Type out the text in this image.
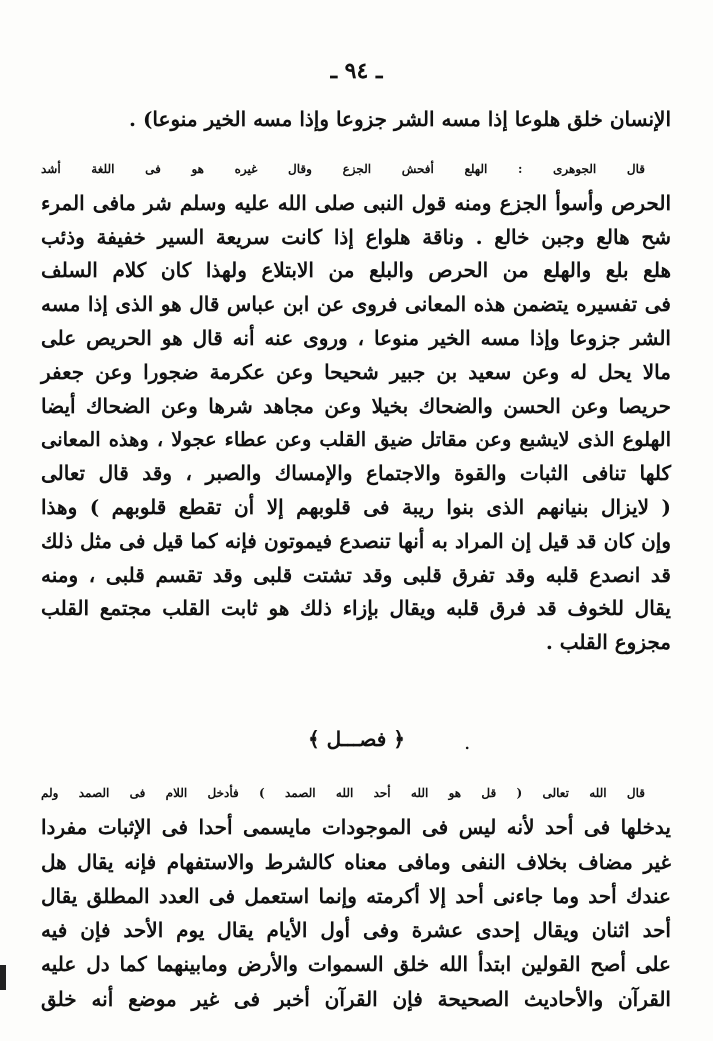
ـ ٩٤ ـ
الإنسان خلق هلوعا إذا مسه الشر جزوعا وإذا مسه الخير منوعا) .

قال الجوهرى : الهلع أفحش الجزع وقال غيره هو فى اللغة أشد

الحرص وأسوأ الجزع ومنه قول النبى صلى الله عليه وسلم شر مافى المرء
شح هالع وجبن خالع . وناقة هلواع إذا كانت سريعة السير خفيفة وذئب
هلع بلع والهلع من الحرص والبلع من الابتلاع ولهذا كان كلام السلف
فى تفسيره يتضمن هذه المعانى فروى عن ابن عباس قال هو الذى إذا مسه
الشر جزوعا وإذا مسه الخير منوعا ، وروى عنه أنه قال هو الحريص على
مالا يحل له وعن سعيد بن جبير شحيحا وعن عكرمة ضجورا وعن جعفر
حريصا وعن الحسن والضحاك بخيلا وعن مجاهد شرها وعن الضحاك أيضا
الهلوع الذى لايشبع وعن مقاتل ضيق القلب وعن عطاء عجولا ، وهذه المعانى
كلها تنافى الثبات والقوة والاجتماع والإمساك والصبر ، وقد قال تعالى
( لايزال بنيانهم الذى بنوا ريبة فى قلوبهم إلا أن تقطع قلوبهم ) وهذا
وإن كان قد قيل إن المراد به أنها تنصدع فيموتون فإنه كما قيل فى مثل ذلك
قد انصدع قلبه وقد تفرق قلبى وقد تشتت قلبى وقد تقسم قلبى ، ومنه
يقال للخوف قد فرق قلبه ويقال بإزاء ذلك هو ثابت القلب مجتمع القلب
مجزوع القلب .
﴿ فصـــل ﴾	.

قال الله تعالى ( قل هو الله أحد الله الصمد ) فأدخل اللام فى الصمد ولم

يدخلها فى أحد لأنه ليس فى الموجودات مايسمى أحدا فى الإثبات مفردا
غير مضاف بخلاف النفى ومافى معناه كالشرط والاستفهام فإنه يقال هل
عندك أحد وما جاءنى أحد إلا أكرمته وإنما استعمل فى العدد المطلق يقال
أحد اثنان ويقال إحدى عشرة وفى أول الأيام يقال يوم الأحد فإن فيه
على أصح القولين ابتدأ الله خلق السموات والأرض ومابينهما كما دل عليه
القرآن والأحاديث الصحيحة فإن القرآن أخبر فى غير موضع أنه خلق
